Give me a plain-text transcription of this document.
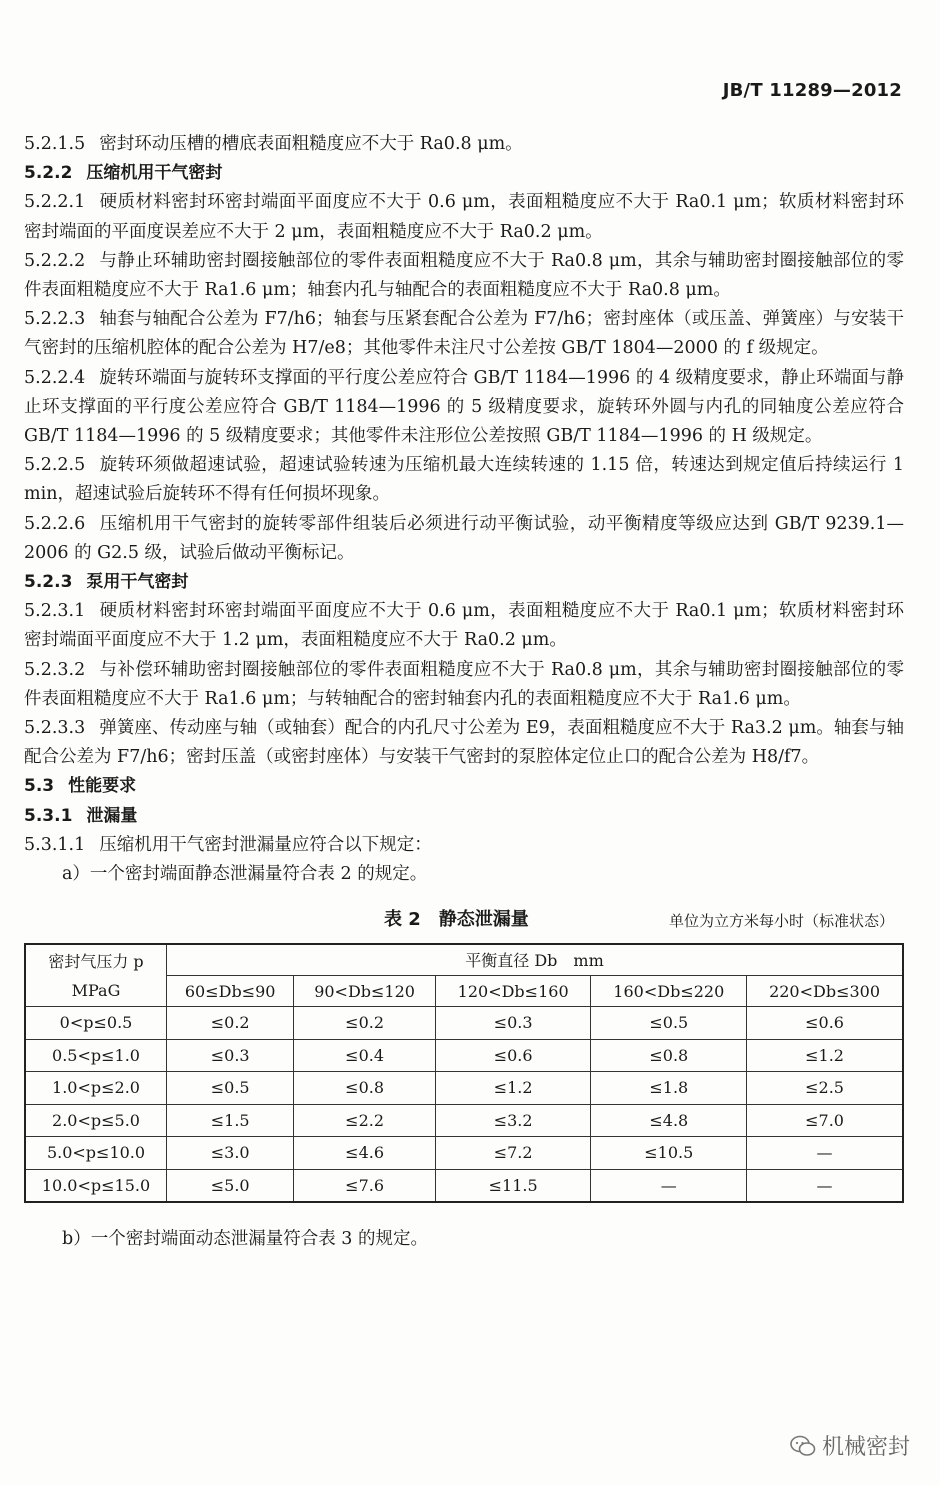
JB/T 11289—2012

5.2.1.5 密封环动压槽的槽底表面粗糙度应不大于 Ra0.8 μm。

5.2.2 压缩机用干气密封

5.2.2.1 硬质材料密封环密封端面平面度应不大于 0.6 μm，表面粗糙度应不大于 Ra0.1 μm；软质材料密封环密封端面的平面度误差应不大于 2 μm，表面粗糙度应不大于 Ra0.2 μm。

5.2.2.2 与静止环辅助密封圈接触部位的零件表面粗糙度应不大于 Ra0.8 μm，其余与辅助密封圈接触部位的零件表面粗糙度应不大于 Ra1.6 μm；轴套内孔与轴配合的表面粗糙度应不大于 Ra0.8 μm。

5.2.2.3 轴套与轴配合公差为 F7/h6；轴套与压紧套配合公差为 F7/h6；密封座体（或压盖、弹簧座）与安装干气密封的压缩机腔体的配合公差为 H7/e8；其他零件未注尺寸公差按 GB/T 1804—2000 的 f 级规定。

5.2.2.4 旋转环端面与旋转环支撑面的平行度公差应符合 GB/T 1184—1996 的 4 级精度要求，静止环端面与静止环支撑面的平行度公差应符合 GB/T 1184—1996 的 5 级精度要求，旋转环外圆与内孔的同轴度公差应符合 GB/T 1184—1996 的 5 级精度要求；其他零件未注形位公差按照 GB/T 1184—1996 的 H 级规定。

5.2.2.5 旋转环须做超速试验，超速试验转速为压缩机最大连续转速的 1.15 倍，转速达到规定值后持续运行 1 min，超速试验后旋转环不得有任何损坏现象。

5.2.2.6 压缩机用干气密封的旋转零部件组装后必须进行动平衡试验，动平衡精度等级应达到 GB/T 9239.1—2006 的 G2.5 级，试验后做动平衡标记。

5.2.3 泵用干气密封

5.2.3.1 硬质材料密封环密封端面平面度应不大于 0.6 μm，表面粗糙度应不大于 Ra0.1 μm；软质材料密封环密封端面平面度应不大于 1.2 μm，表面粗糙度应不大于 Ra0.2 μm。

5.2.3.2 与补偿环辅助密封圈接触部位的零件表面粗糙度应不大于 Ra0.8 μm，其余与辅助密封圈接触部位的零件表面粗糙度应不大于 Ra1.6 μm；与转轴配合的密封轴套内孔的表面粗糙度应不大于 Ra1.6 μm。

5.2.3.3 弹簧座、传动座与轴（或轴套）配合的内孔尺寸公差为 E9，表面粗糙度应不大于 Ra3.2 μm。轴套与轴配合公差为 F7/h6；密封压盖（或密封座体）与安装干气密封的泵腔体定位止口的配合公差为 H8/f7。

5.3 性能要求

5.3.1 泄漏量

5.3.1.1 压缩机用干气密封泄漏量应符合以下规定：

a）一个密封端面静态泄漏量符合表 2 的规定。

表 2　静态泄漏量	单位为立方米每小时（标准状态）
密封气压力 p
MPaG	平衡直径 Db　mm				
	60≤Db≤90	90<Db≤120	120<Db≤160	160<Db≤220	220<Db≤300
0<p≤0.5	≤0.2	≤0.2	≤0.3	≤0.5	≤0.6
0.5<p≤1.0	≤0.3	≤0.4	≤0.6	≤0.8	≤1.2
1.0<p≤2.0	≤0.5	≤0.8	≤1.2	≤1.8	≤2.5
2.0<p≤5.0	≤1.5	≤2.2	≤3.2	≤4.8	≤7.0
5.0<p≤10.0	≤3.0	≤4.6	≤7.2	≤10.5	—
10.0<p≤15.0	≤5.0	≤7.6	≤11.5	—	—

b）一个密封端面动态泄漏量符合表 3 的规定。

机械密封
